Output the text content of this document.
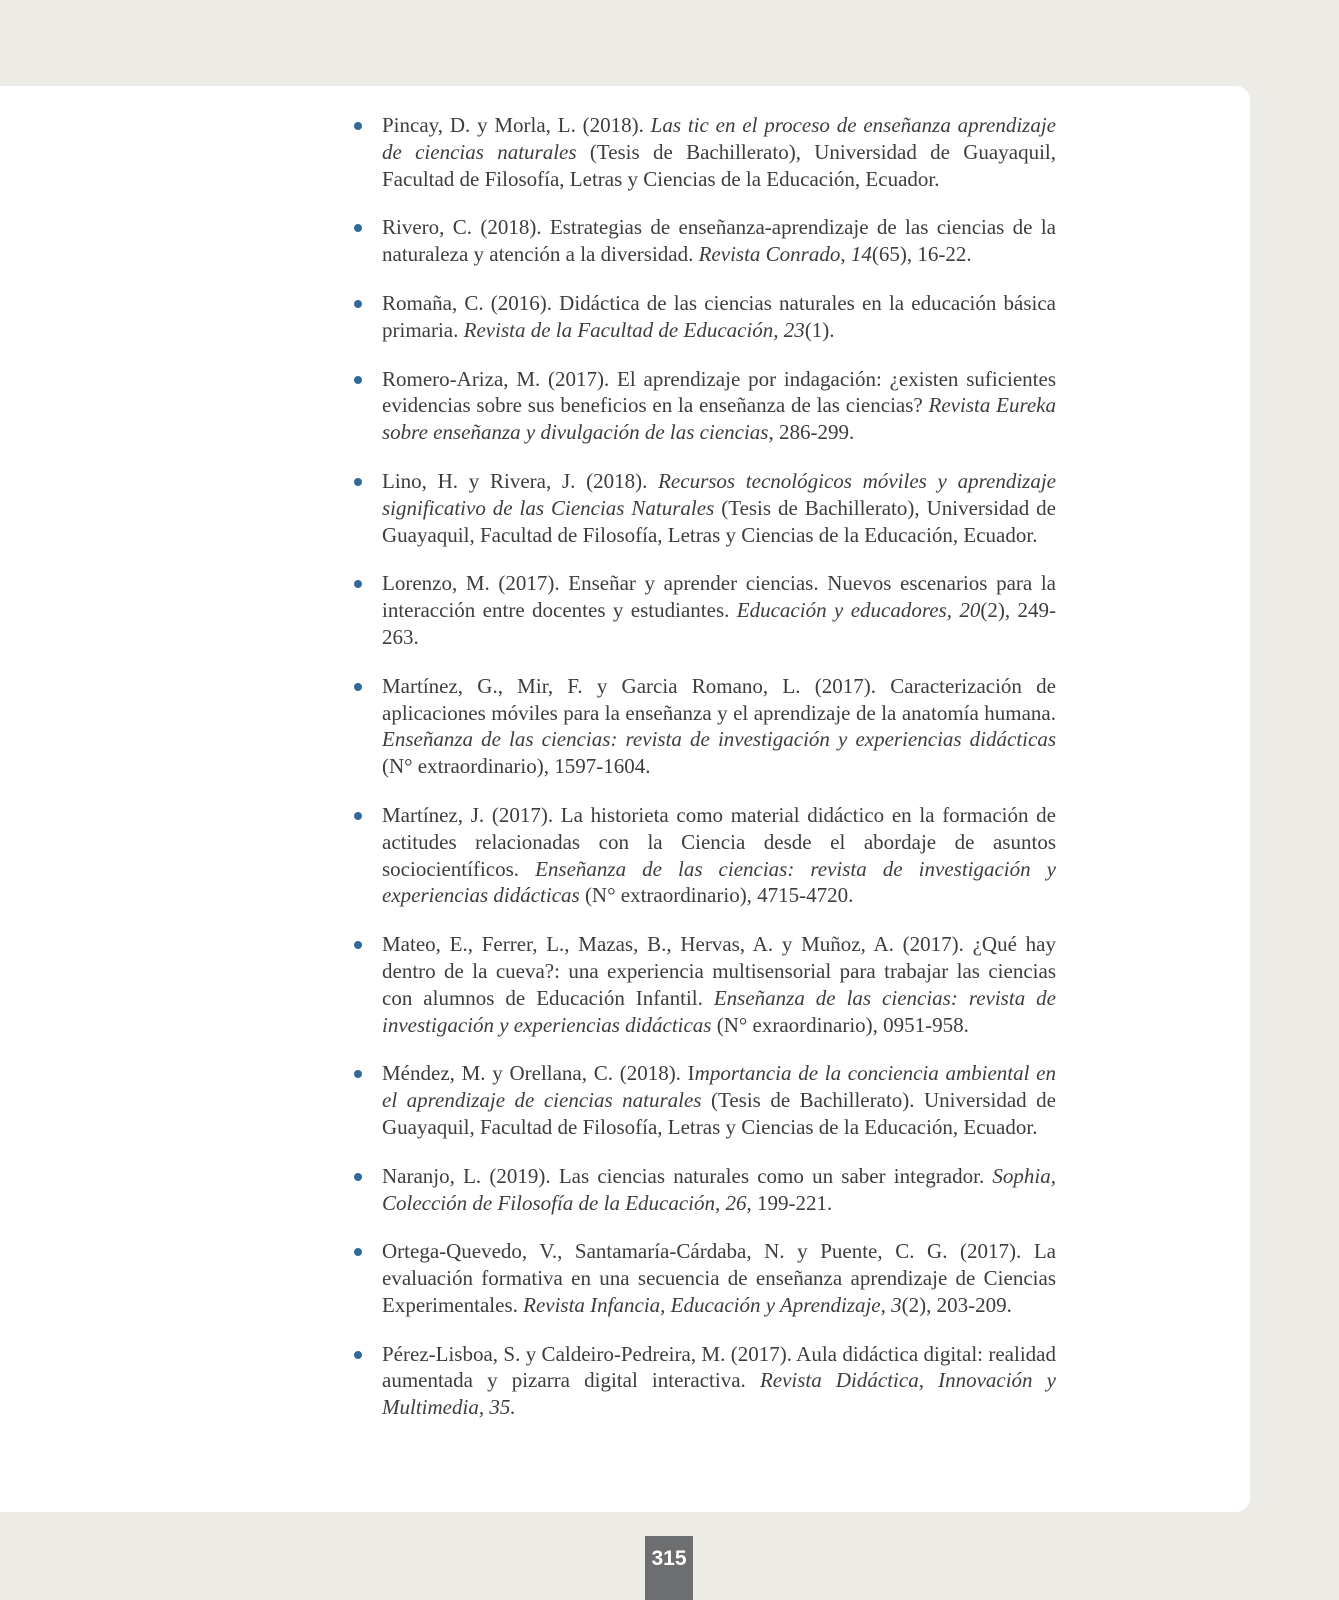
Pincay, D. y Morla, L. (2018). Las tic en el proceso de enseñanza aprendizaje de ciencias naturales (Tesis de Bachillerato), Universidad de Guayaquil, Facultad de Filosofía, Letras y Ciencias de la Educación, Ecuador.
Rivero, C. (2018). Estrategias de enseñanza-aprendizaje de las ciencias de la naturaleza y atención a la diversidad. Revista Conrado, 14(65), 16-22.
Romaña, C. (2016). Didáctica de las ciencias naturales en la educación básica primaria. Revista de la Facultad de Educación, 23(1).
Romero-Ariza, M. (2017). El aprendizaje por indagación: ¿existen suficientes evidencias sobre sus beneficios en la enseñanza de las ciencias? Revista Eureka sobre enseñanza y divulgación de las ciencias, 286-299.
Lino, H. y Rivera, J. (2018). Recursos tecnológicos móviles y aprendizaje significativo de las Ciencias Naturales (Tesis de Bachillerato), Universidad de Guayaquil, Facultad de Filosofía, Letras y Ciencias de la Educación, Ecuador.
Lorenzo, M. (2017). Enseñar y aprender ciencias. Nuevos escenarios para la interacción entre docentes y estudiantes. Educación y educadores, 20(2), 249-263.
Martínez, G., Mir, F. y Garcia Romano, L. (2017). Caracterización de aplicaciones móviles para la enseñanza y el aprendizaje de la anatomía humana. Enseñanza de las ciencias: revista de investigación y experiencias didácticas (N° extraordinario), 1597-1604.
Martínez, J. (2017). La historieta como material didáctico en la formación de actitudes relacionadas con la Ciencia desde el abordaje de asuntos sociocientíficos. Enseñanza de las ciencias: revista de investigación y experiencias didácticas (N° extraordinario), 4715-4720.
Mateo, E., Ferrer, L., Mazas, B., Hervas, A. y Muñoz, A. (2017). ¿Qué hay dentro de la cueva?: una experiencia multisensorial para trabajar las ciencias con alumnos de Educación Infantil. Enseñanza de las ciencias: revista de investigación y experiencias didácticas (N° exraordinario), 0951-958.
Méndez, M. y Orellana, C. (2018). Importancia de la conciencia ambiental en el aprendizaje de ciencias naturales (Tesis de Bachillerato). Universidad de Guayaquil, Facultad de Filosofía, Letras y Ciencias de la Educación, Ecuador.
Naranjo, L. (2019). Las ciencias naturales como un saber integrador. Sophia, Colección de Filosofía de la Educación, 26, 199-221.
Ortega-Quevedo, V., Santamaría-Cárdaba, N. y Puente, C. G. (2017). La evaluación formativa en una secuencia de enseñanza aprendizaje de Ciencias Experimentales. Revista Infancia, Educación y Aprendizaje, 3(2), 203-209.
Pérez-Lisboa, S. y Caldeiro-Pedreira, M. (2017). Aula didáctica digital: realidad aumentada y pizarra digital interactiva. Revista Didáctica, Innovación y Multimedia, 35.
315
